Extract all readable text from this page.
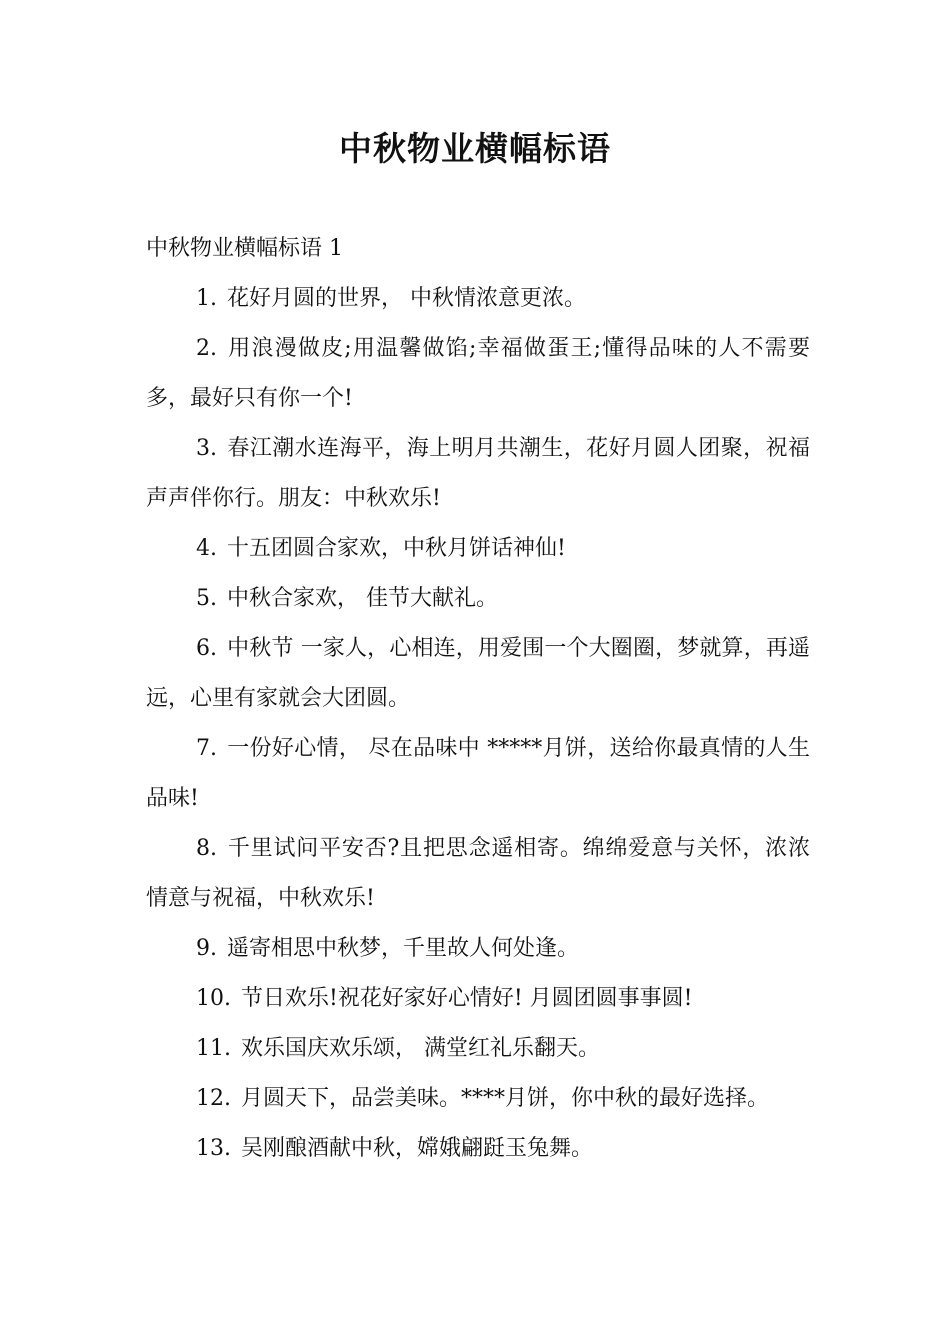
中秋物业横幅标语
中秋物业横幅标语 1
1. 花好月圆的世界， 中秋情浓意更浓。
2. 用浪漫做皮;用温馨做馅;幸福做蛋王;懂得品味的人不需要多，最好只有你一个!
3. 春江潮水连海平，海上明月共潮生，花好月圆人团聚，祝福声声伴你行。朋友：中秋欢乐!
4. 十五团圆合家欢，中秋月饼话神仙!
5. 中秋合家欢， 佳节大献礼。
6. 中秋节 一家人，心相连，用爱围一个大圈圈，梦就算，再遥远，心里有家就会大团圆。
7. 一份好心情， 尽在品味中 *****月饼，送给你最真情的人生品味!
8. 千里试问平安否?且把思念遥相寄。绵绵爱意与关怀，浓浓情意与祝福，中秋欢乐!
9. 遥寄相思中秋梦，千里故人何处逢。
10. 节日欢乐!祝花好家好心情好! 月圆团圆事事圆!
11. 欢乐国庆欢乐颂， 满堂红礼乐翻天。
12. 月圆天下，品尝美味。****月饼，你中秋的最好选择。
13. 吴刚酿酒献中秋，嫦娥翩跹玉兔舞。
